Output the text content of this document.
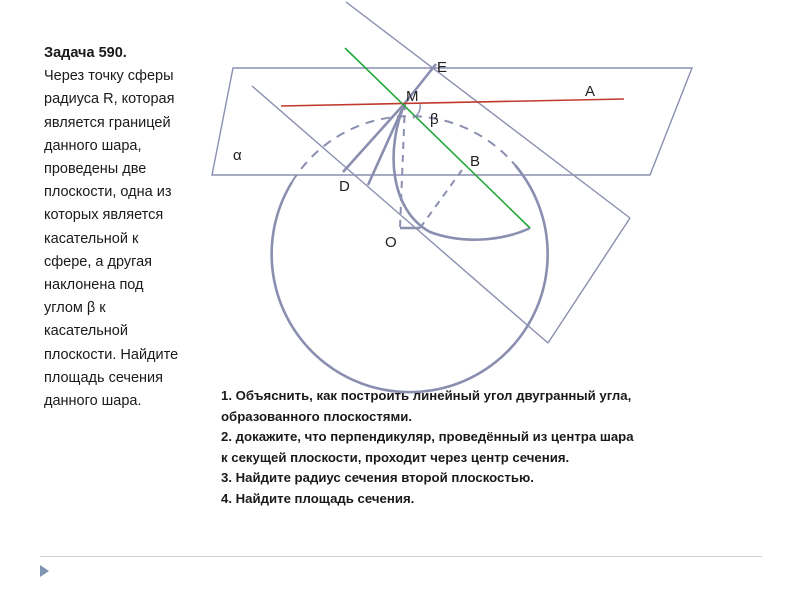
Задача 590.
Через точку сферы
радиуса R, которая
является границей
данного шара,
проведены две
плоскости, одна из
которых является
касательной к
сфере, а другая
наклонена под
углом β к
касательной
плоскости. Найдите
площадь сечения
данного шара.
E
M	A
β
α	B
D
O
1. Объяснить, как построить линейный угол двугранный угла,
образованного плоскостями.
2. докажите, что перпендикуляр, проведённый из центра шара
к секущей плоскости, проходит через центр сечения.
3. Найдите радиус сечения второй плоскостью.
4. Найдите площадь сечения.
